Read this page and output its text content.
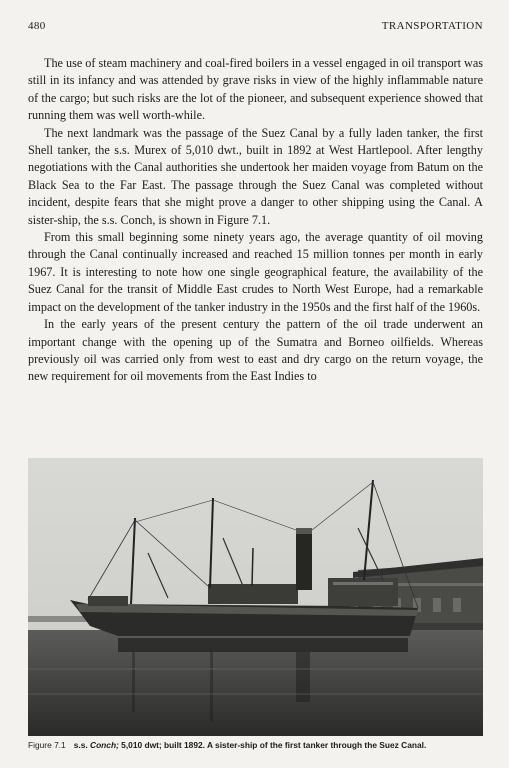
480	TRANSPORTATION

The use of steam machinery and coal-fired boilers in a vessel engaged in oil transport was still in its infancy and was attended by grave risks in view of the highly inflammable nature of the cargo; but such risks are the lot of the pioneer, and subsequent experience showed that running them was well worth-while.

The next landmark was the passage of the Suez Canal by a fully laden tanker, the first Shell tanker, the s.s. Murex of 5,010 dwt., built in 1892 at West Hartlepool. After lengthy negotiations with the Canal authorities she undertook her maiden voyage from Batum on the Black Sea to the Far East. The passage through the Suez Canal was completed without incident, despite fears that she might prove a danger to other shipping using the Canal. A sister-ship, the s.s. Conch, is shown in Figure 7.1.

From this small beginning some ninety years ago, the average quantity of oil moving through the Canal continually increased and reached 15 million tonnes per month in early 1967. It is interesting to note how one single geographical feature, the availability of the Suez Canal for the transit of Middle East crudes to North West Europe, had a remarkable impact on the development of the tanker industry in the 1950s and the first half of the 1960s.

In the early years of the present century the pattern of the oil trade underwent an important change with the opening up of the Sumatra and Borneo oilfields. Whereas previously oil was carried only from west to east and dry cargo on the return voyage, the new requirement for oil movements from the East Indies to

Figure 7.1 s.s. Conch; 5,010 dwt; built 1892. A sister-ship of the first tanker through the Suez Canal.
